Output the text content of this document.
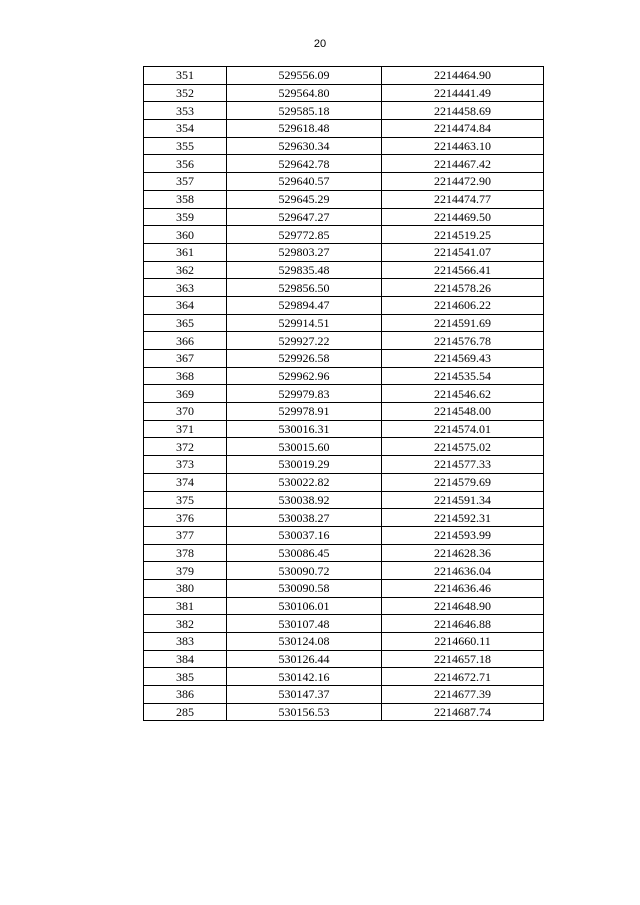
20
351	529556.09	2214464.90
352	529564.80	2214441.49
353	529585.18	2214458.69
354	529618.48	2214474.84
355	529630.34	2214463.10
356	529642.78	2214467.42
357	529640.57	2214472.90
358	529645.29	2214474.77
359	529647.27	2214469.50
360	529772.85	2214519.25
361	529803.27	2214541.07
362	529835.48	2214566.41
363	529856.50	2214578.26
364	529894.47	2214606.22
365	529914.51	2214591.69
366	529927.22	2214576.78
367	529926.58	2214569.43
368	529962.96	2214535.54
369	529979.83	2214546.62
370	529978.91	2214548.00
371	530016.31	2214574.01
372	530015.60	2214575.02
373	530019.29	2214577.33
374	530022.82	2214579.69
375	530038.92	2214591.34
376	530038.27	2214592.31
377	530037.16	2214593.99
378	530086.45	2214628.36
379	530090.72	2214636.04
380	530090.58	2214636.46
381	530106.01	2214648.90
382	530107.48	2214646.88
383	530124.08	2214660.11
384	530126.44	2214657.18
385	530142.16	2214672.71
386	530147.37	2214677.39
285	530156.53	2214687.74
